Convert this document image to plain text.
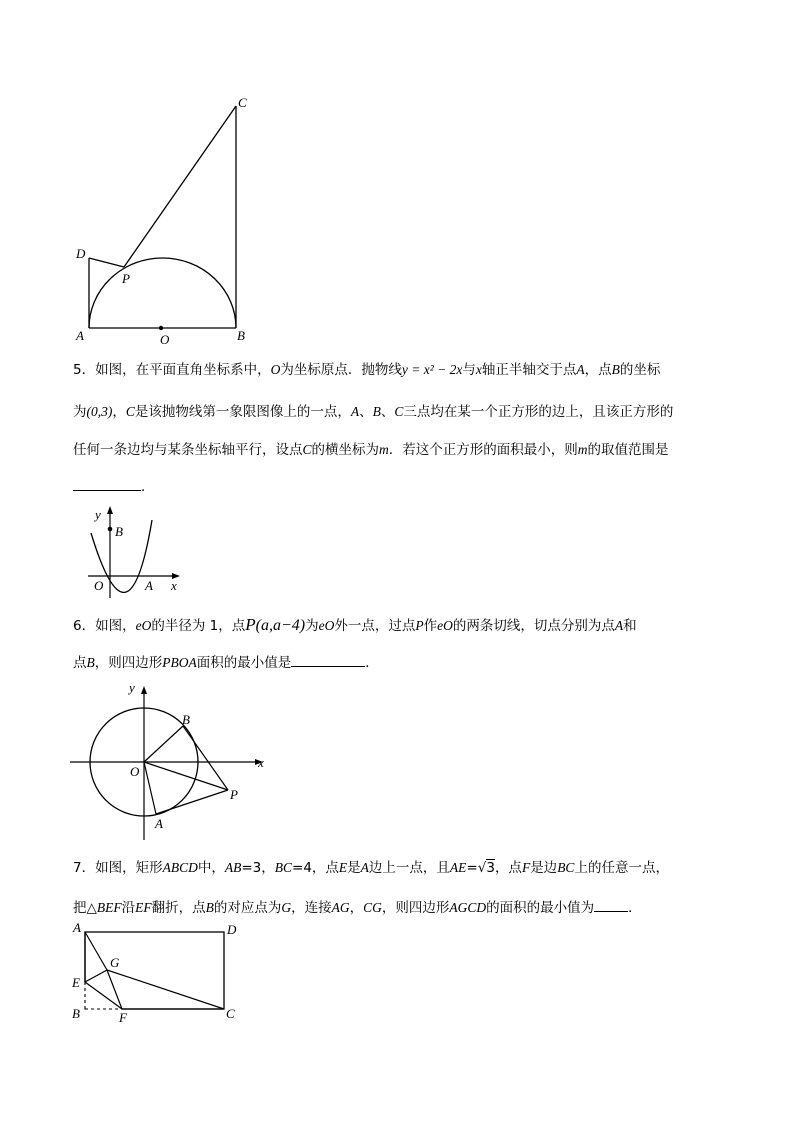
C
D
P
A	B
O
5．如图，在平面直角坐标系中，O为坐标原点．抛物线y = x² − 2x与x轴正半轴交于点A，点B的坐标
为(0,3)，C是该抛物线第一象限图像上的一点，A、B、C三点均在某一个正方形的边上，且该正方形的
任何一条边均与某条坐标轴平行，设点C的横坐标为m．若这个正方形的面积最小，则m的取值范围是
．
y
B
O	A x
6．如图，eO的半径为 1，点P(a,a−4)为eO外一点，过点P作eO的两条切线，切点分别为点A和
点B，则四边形PBOA面积的最小值是	．
y
x
O
B
P
A
7．如图，矩形ABCD中，AB=3，BC=4，点E是A边上一点，且AE=√3，点F是边BC上的任意一点，
把△BEF沿EF翻折，点B的对应点为G，连接AG，CG，则四边形AGCD的面积的最小值为	．
A	D
G
E
B	F	C
